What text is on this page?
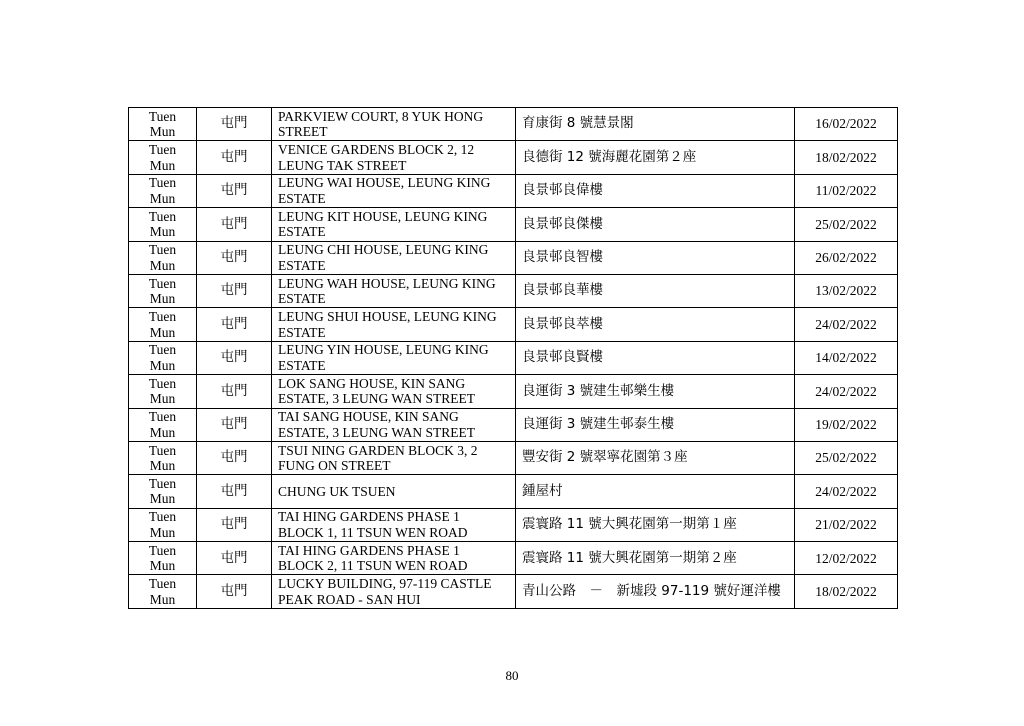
Tuen Mun	屯門	PARKVIEW COURT, 8 YUK HONG STREET	育康街 8 號慧景閣	16/02/2022
Tuen Mun	屯門	VENICE GARDENS BLOCK 2, 12 LEUNG TAK STREET	良德街 12 號海麗花園第２座	18/02/2022
Tuen Mun	屯門	LEUNG WAI HOUSE, LEUNG KING ESTATE	良景邨良偉樓	11/02/2022
Tuen Mun	屯門	LEUNG KIT HOUSE, LEUNG KING ESTATE	良景邨良傑樓	25/02/2022
Tuen Mun	屯門	LEUNG CHI HOUSE, LEUNG KING ESTATE	良景邨良智樓	26/02/2022
Tuen Mun	屯門	LEUNG WAH HOUSE, LEUNG KING ESTATE	良景邨良華樓	13/02/2022
Tuen Mun	屯門	LEUNG SHUI HOUSE, LEUNG KING ESTATE	良景邨良萃樓	24/02/2022
Tuen Mun	屯門	LEUNG YIN HOUSE, LEUNG KING ESTATE	良景邨良賢樓	14/02/2022
Tuen Mun	屯門	LOK SANG HOUSE, KIN SANG ESTATE, 3 LEUNG WAN STREET	良運街 3 號建生邨樂生樓	24/02/2022
Tuen Mun	屯門	TAI SANG HOUSE, KIN SANG ESTATE, 3 LEUNG WAN STREET	良運街 3 號建生邨泰生樓	19/02/2022
Tuen Mun	屯門	TSUI NING GARDEN BLOCK 3, 2 FUNG ON STREET	豐安街 2 號翠寧花園第３座	25/02/2022
Tuen Mun	屯門	CHUNG UK TSUEN	鍾屋村	24/02/2022
Tuen Mun	屯門	TAI HING GARDENS PHASE 1 BLOCK 1, 11 TSUN WEN ROAD	震寰路 11 號大興花園第一期第１座	21/02/2022
Tuen Mun	屯門	TAI HING GARDENS PHASE 1 BLOCK 2, 11 TSUN WEN ROAD	震寰路 11 號大興花園第一期第２座	12/02/2022
Tuen Mun	屯門	LUCKY BUILDING, 97-119 CASTLE PEAK ROAD - SAN HUI	青山公路　－　新墟段 97-119 號好運洋樓	18/02/2022
80
